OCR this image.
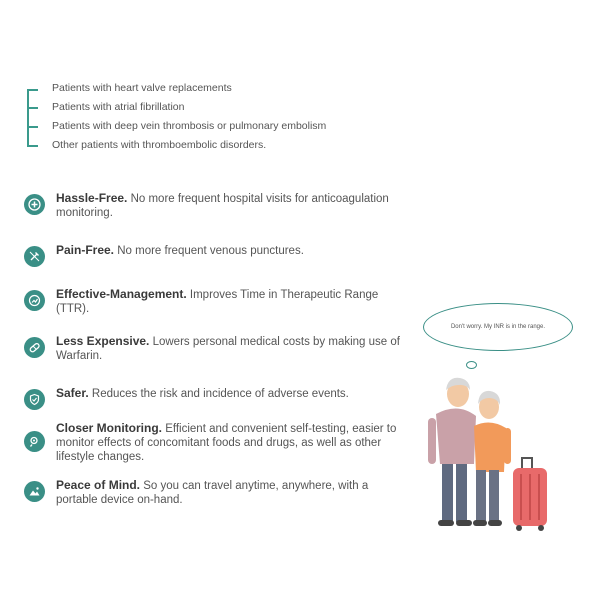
Patients with heart valve replacements
Patients with atrial fibrillation
Patients with deep vein thrombosis or pulmonary embolism
Other patients with thromboembolic disorders.
Hassle-Free. No more frequent hospital visits for anticoagulation monitoring.
Pain-Free. No more frequent venous punctures.
Effective-Management. Improves Time in Therapeutic Range (TTR).
Less Expensive. Lowers personal medical costs by making use of Warfarin.
Safer. Reduces the risk and incidence of adverse events.
Closer Monitoring. Efficient and convenient self-testing, easier to monitor effects of concomitant foods and drugs, as well as other lifestyle changes.
Peace of Mind. So you can travel anytime, anywhere, with a portable device on-hand.
Don't worry. My INR is in the range.
